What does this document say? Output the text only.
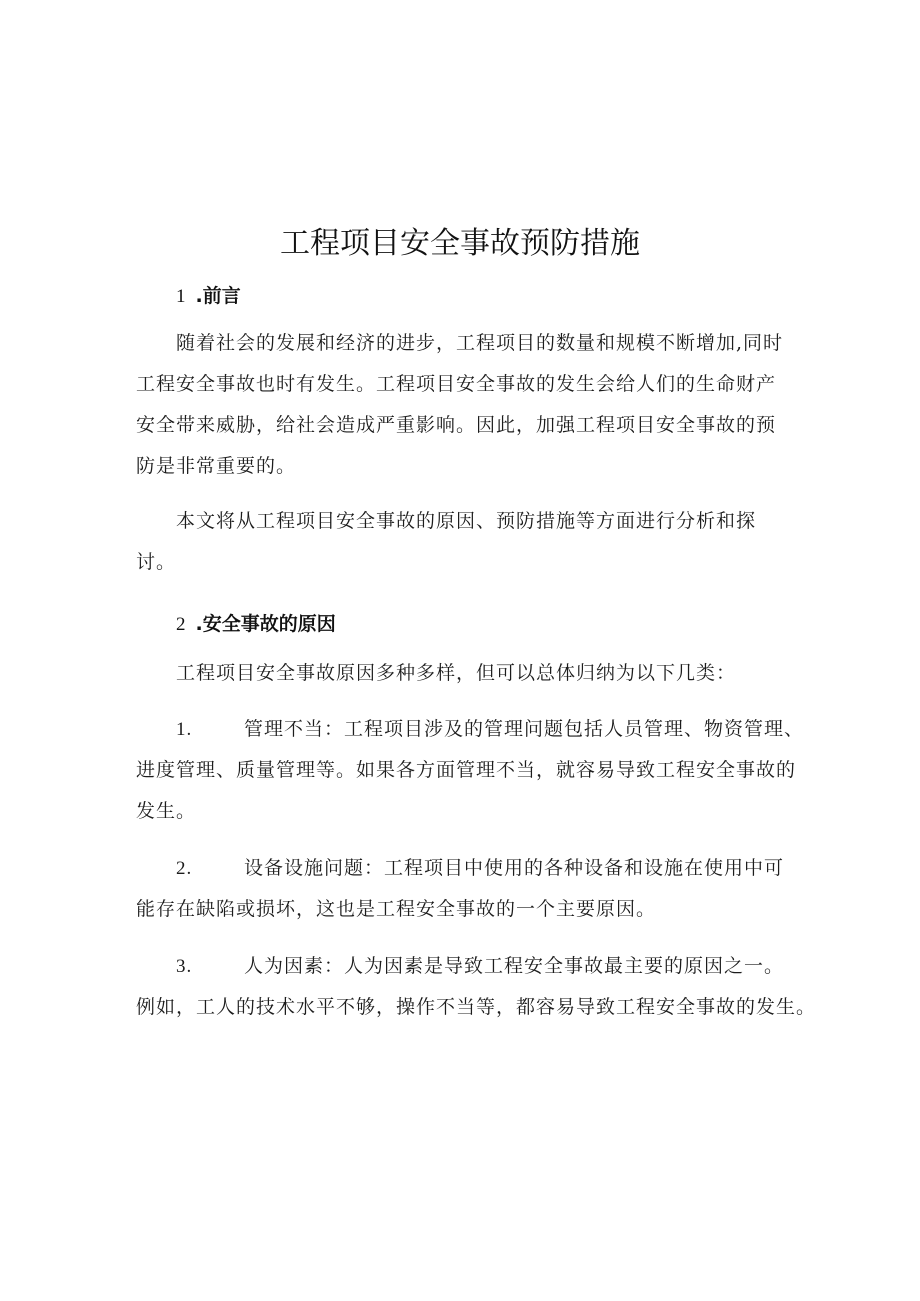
工程项目安全事故预防措施
1 .前言
随着社会的发展和经济的进步，工程项目的数量和规模不断增加,同时
工程安全事故也时有发生。工程项目安全事故的发生会给人们的生命财产
安全带来威胁，给社会造成严重影响。因此，加强工程项目安全事故的预
防是非常重要的。
本文将从工程项目安全事故的原因、预防措施等方面进行分析和探
讨。
2 .安全事故的原因
工程项目安全事故原因多种多样，但可以总体归纳为以下几类：
1.	管理不当：工程项目涉及的管理问题包括人员管理、物资管理、
进度管理、质量管理等。如果各方面管理不当，就容易导致工程安全事故的
发生。
2.	设备设施问题：工程项目中使用的各种设备和设施在使用中可
能存在缺陷或损坏，这也是工程安全事故的一个主要原因。
3.	人为因素：人为因素是导致工程安全事故最主要的原因之一。
例如，工人的技术水平不够，操作不当等，都容易导致工程安全事故的发生。
